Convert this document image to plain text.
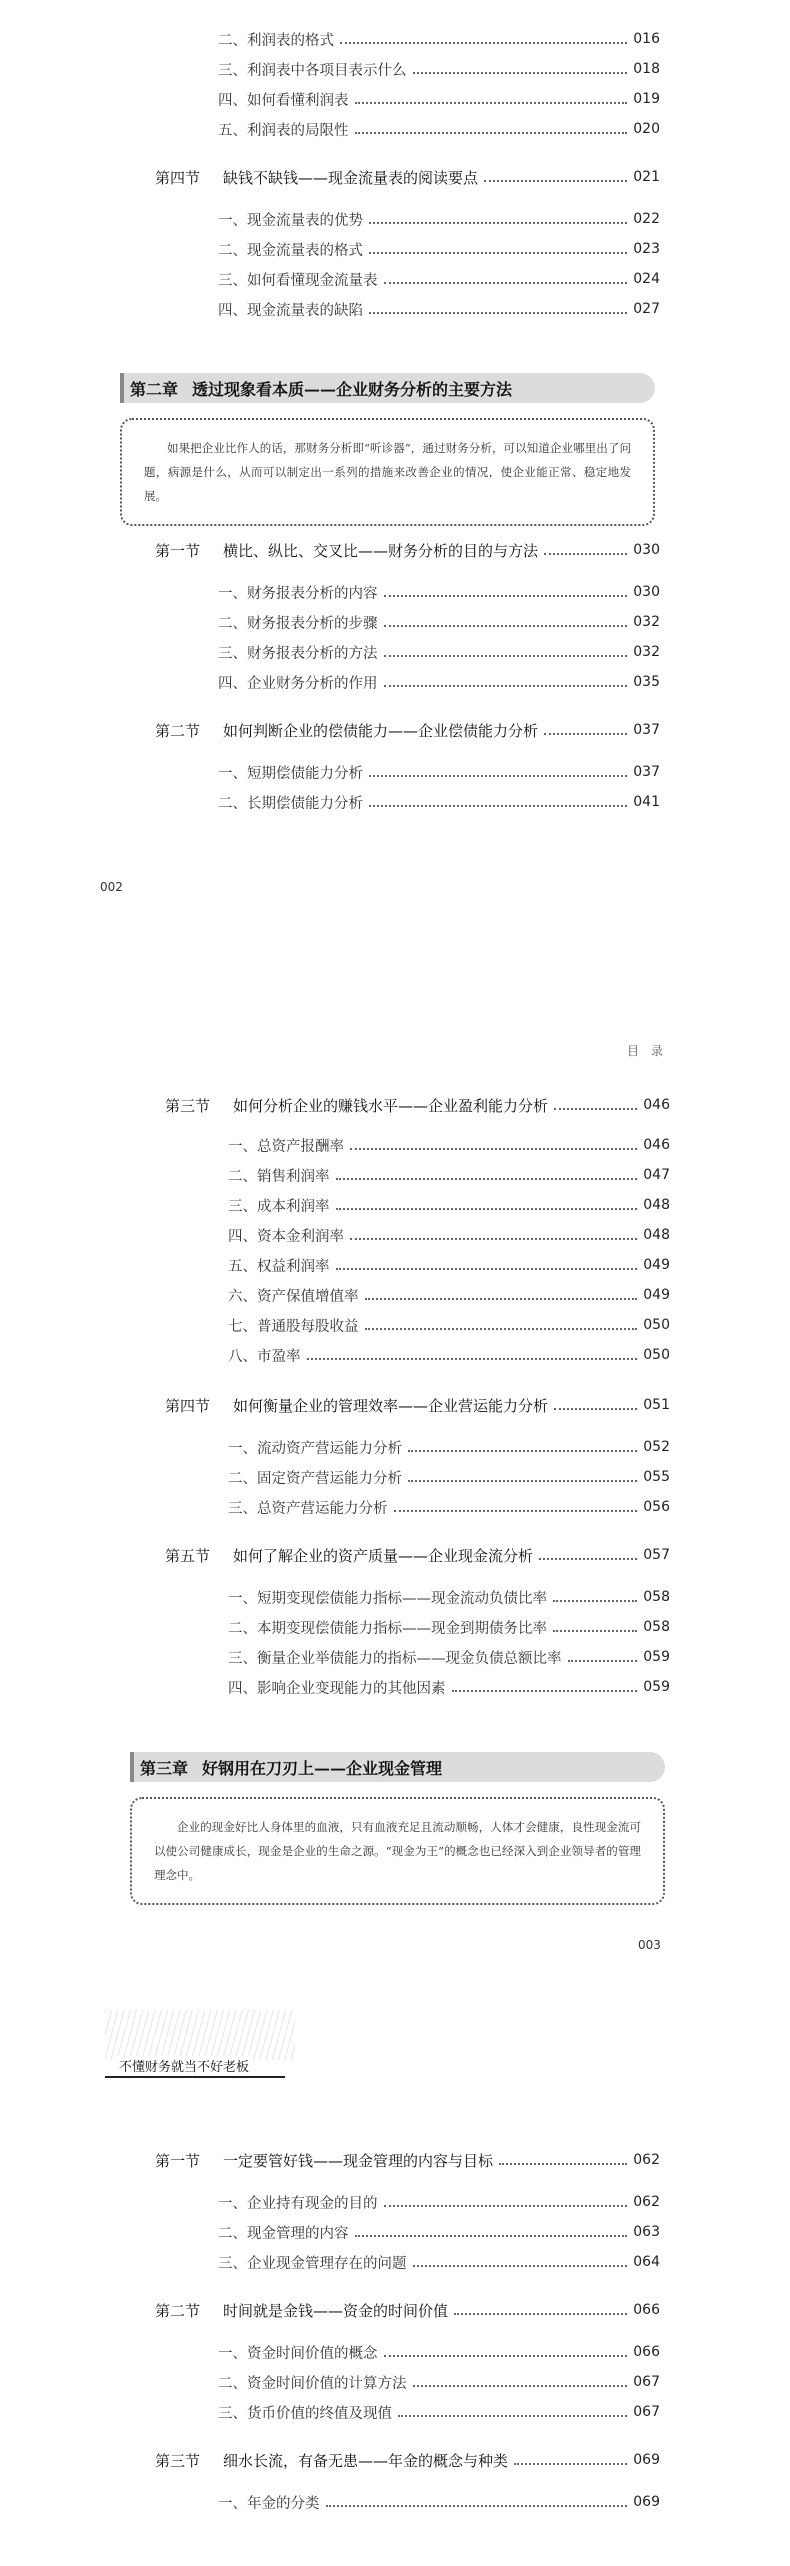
二、利润表的格式	016
三、利润表中各项目表示什么	018
四、如何看懂利润表	019
五、利润表的局限性	020
第四节	缺钱不缺钱——现金流量表的阅读要点	021
一、现金流量表的优势	022
二、现金流量表的格式	023
三、如何看懂现金流量表	024
四、现金流量表的缺陷	027
第二章 透过现象看本质——企业财务分析的主要方法
如果把企业比作人的话，那财务分析即“听诊器”，通过财务分析，可以知道企业哪里出了问题，病源是什么，从而可以制定出一系列的措施来改善企业的情况，使企业能正常、稳定地发展。
第一节	横比、纵比、交叉比——财务分析的目的与方法	030
一、财务报表分析的内容	030
二、财务报表分析的步骤	032
三、财务报表分析的方法	032
四、企业财务分析的作用	035
第二节	如何判断企业的偿债能力——企业偿债能力分析	037
一、短期偿债能力分析	037
二、长期偿债能力分析	041
002
目录
第三节	如何分析企业的赚钱水平——企业盈利能力分析	046
一、总资产报酬率	046
二、销售利润率	047
三、成本利润率	048
四、资本金利润率	048
五、权益利润率	049
六、资产保值增值率	049
七、普通股每股收益	050
八、市盈率	050
第四节	如何衡量企业的管理效率——企业营运能力分析	051
一、流动资产营运能力分析	052
二、固定资产营运能力分析	055
三、总资产营运能力分析	056
第五节	如何了解企业的资产质量——企业现金流分析	057
一、短期变现偿债能力指标——现金流动负债比率	058
二、本期变现偿债能力指标——现金到期债务比率	058
三、衡量企业举债能力的指标——现金负债总额比率	059
四、影响企业变现能力的其他因素	059
第三章 好钢用在刀刃上——企业现金管理
企业的现金好比人身体里的血液，只有血液充足且流动顺畅，人体才会健康，良性现金流可以使公司健康成长，现金是企业的生命之源。“现金为王”的概念也已经深入到企业领导者的管理理念中。
003
不懂财务就当不好老板
第一节	一定要管好钱——现金管理的内容与目标	062
一、企业持有现金的目的	062
二、现金管理的内容	063
三、企业现金管理存在的问题	064
第二节	时间就是金钱——资金的时间价值	066
一、资金时间价值的概念	066
二、资金时间价值的计算方法	067
三、货币价值的终值及现值	067
第三节	细水长流，有备无患——年金的概念与种类	069
一、年金的分类	069
